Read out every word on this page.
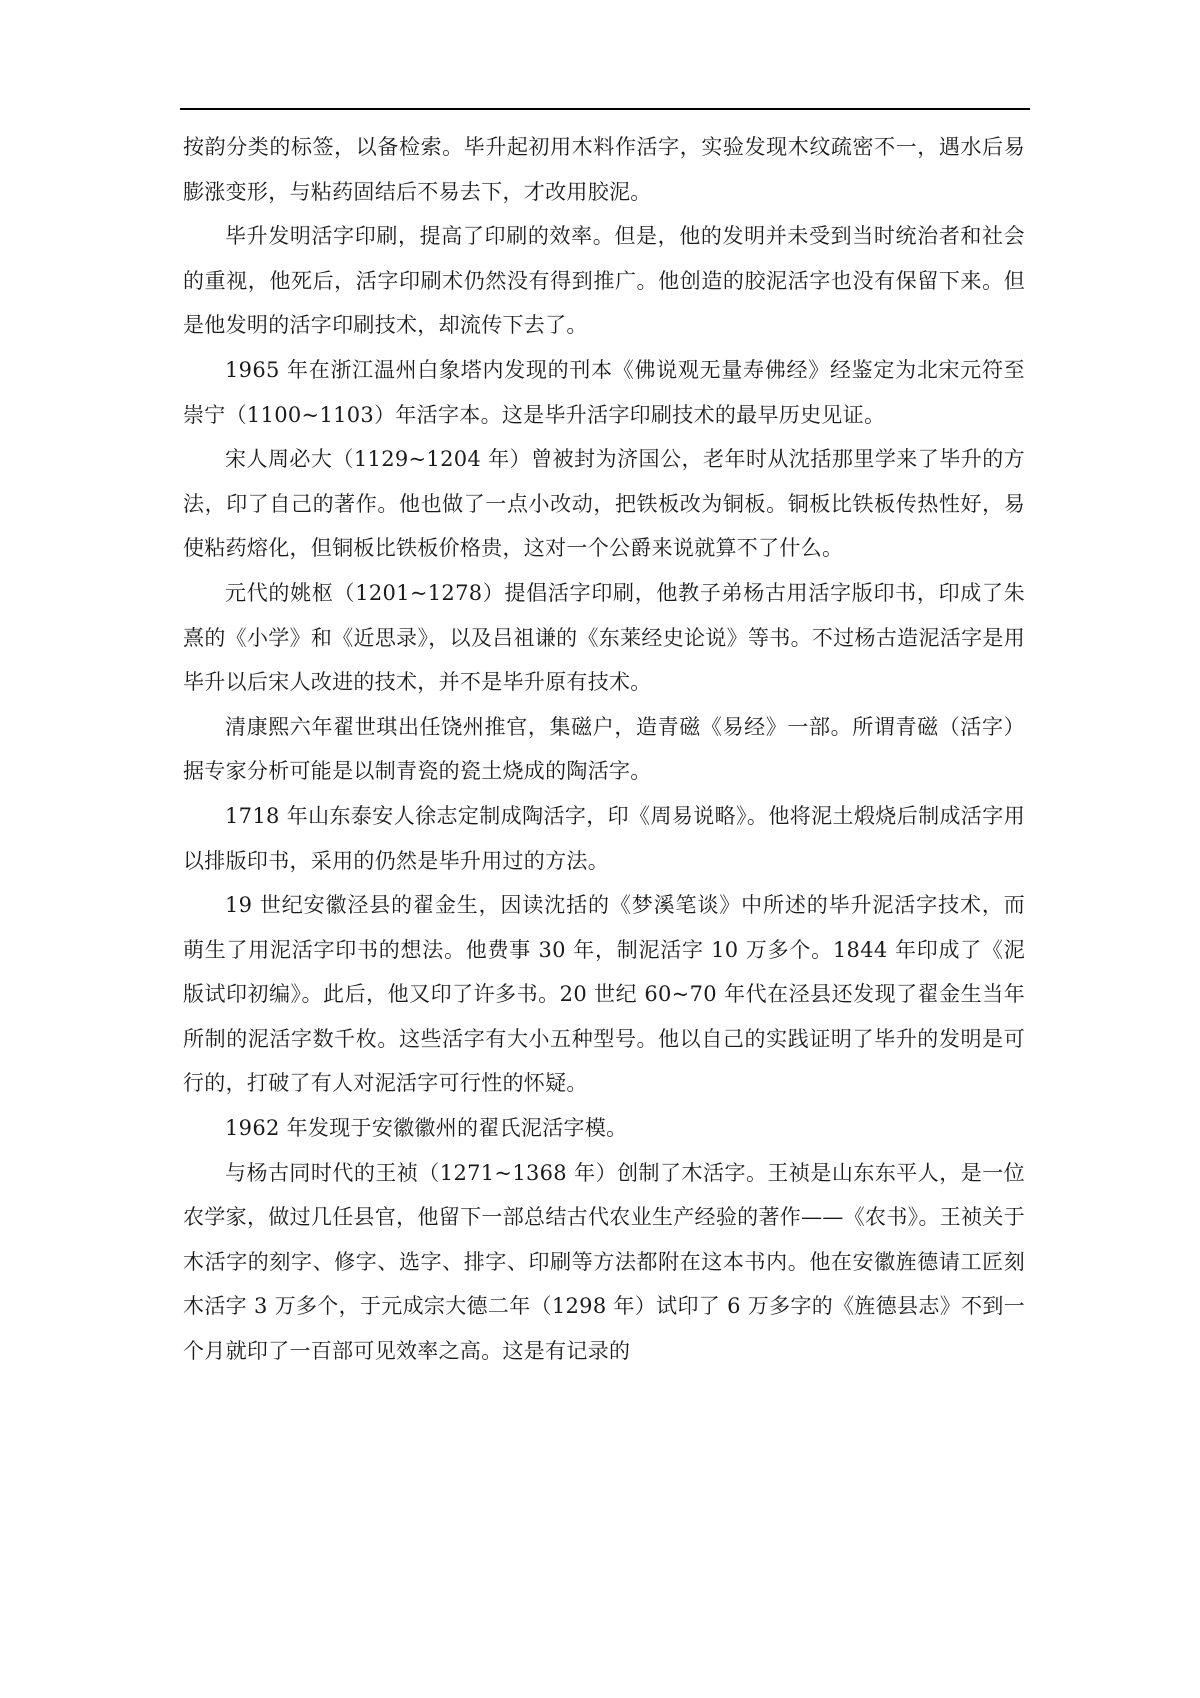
按韵分类的标签，以备检索。毕升起初用木料作活字，实验发现木纹疏密不一，遇水后易膨涨变形，与粘药固结后不易去下，才改用胶泥。

毕升发明活字印刷，提高了印刷的效率。但是，他的发明并未受到当时统治者和社会的重视，他死后，活字印刷术仍然没有得到推广。他创造的胶泥活字也没有保留下来。但是他发明的活字印刷技术，却流传下去了。

1965 年在浙江温州白象塔内发现的刊本《佛说观无量寿佛经》经鉴定为北宋元符至崇宁（1100~1103）年活字本。这是毕升活字印刷技术的最早历史见证。

宋人周必大（1129~1204 年）曾被封为济国公，老年时从沈括那里学来了毕升的方法，印了自己的著作。他也做了一点小改动，把铁板改为铜板。铜板比铁板传热性好，易使粘药熔化，但铜板比铁板价格贵，这对一个公爵来说就算不了什么。

元代的姚枢（1201~1278）提倡活字印刷，他教子弟杨古用活字版印书，印成了朱熹的《小学》和《近思录》，以及吕祖谦的《东莱经史论说》等书。不过杨古造泥活字是用毕升以后宋人改进的技术，并不是毕升原有技术。

清康熙六年翟世琪出任饶州推官，集磁户，造青磁《易经》一部。所谓青磁（活字）据专家分析可能是以制青瓷的瓷土烧成的陶活字。

1718 年山东泰安人徐志定制成陶活字，印《周易说略》。他将泥土煅烧后制成活字用以排版印书，采用的仍然是毕升用过的方法。

19 世纪安徽泾县的翟金生，因读沈括的《梦溪笔谈》中所述的毕升泥活字技术，而萌生了用泥活字印书的想法。他费事 30 年，制泥活字 10 万多个。1844 年印成了《泥版试印初编》。此后，他又印了许多书。20 世纪 60~70 年代在泾县还发现了翟金生当年所制的泥活字数千枚。这些活字有大小五种型号。他以自己的实践证明了毕升的发明是可行的，打破了有人对泥活字可行性的怀疑。

1962 年发现于安徽徽州的翟氏泥活字模。

与杨古同时代的王祯（1271~1368 年）创制了木活字。王祯是山东东平人，是一位农学家，做过几任县官，他留下一部总结古代农业生产经验的著作——《农书》。王祯关于木活字的刻字、修字、选字、排字、印刷等方法都附在这本书内。他在安徽旌德请工匠刻木活字 3 万多个，于元成宗大德二年（1298 年）试印了 6 万多字的《旌德县志》不到一个月就印了一百部可见效率之高。这是有记录的
